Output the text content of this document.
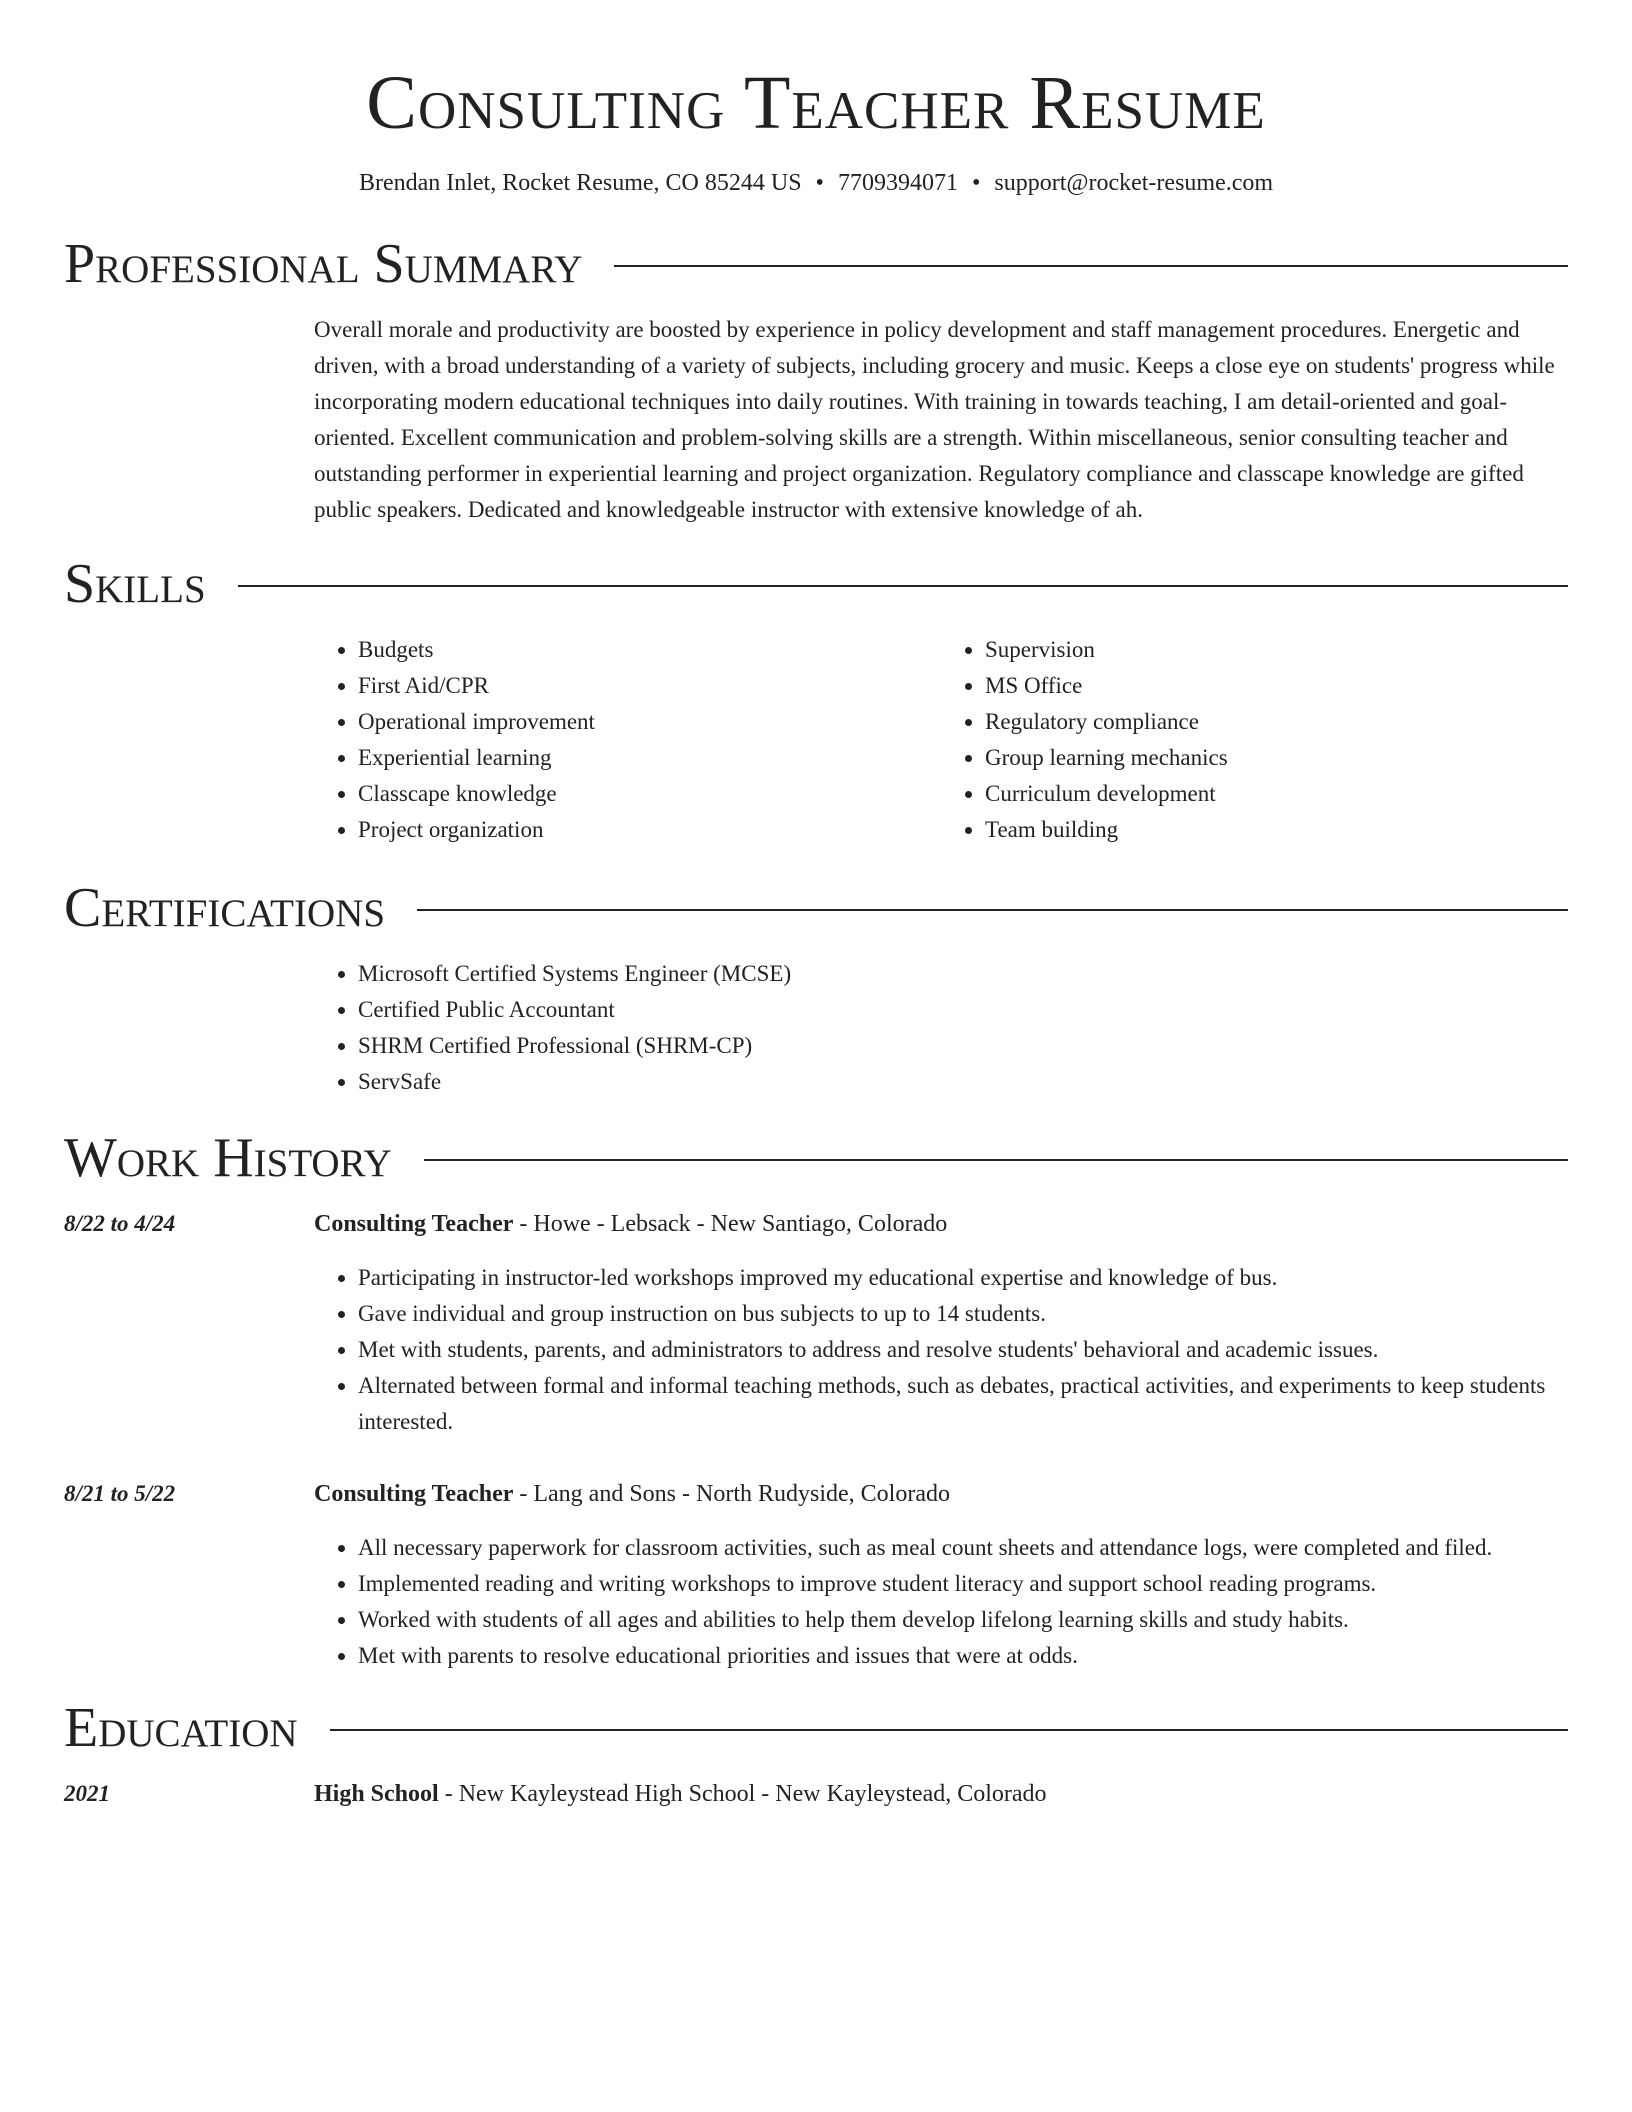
Consulting Teacher Resume
Brendan Inlet, Rocket Resume, CO 85244 US • 7709394071 • support@rocket-resume.com
Professional Summary

Overall morale and productivity are boosted by experience in policy development and staff management procedures. Energetic and driven, with a broad understanding of a variety of subjects, including grocery and music. Keeps a close eye on students' progress while incorporating modern educational techniques into daily routines. With training in towards teaching, I am detail-oriented and goal-oriented. Excellent communication and problem-solving skills are a strength. Within miscellaneous, senior consulting teacher and outstanding performer in experiential learning and project organization. Regulatory compliance and classcape knowledge are gifted public speakers. Dedicated and knowledgeable instructor with extensive knowledge of ah.

Skills
• Budgets
• First Aid/CPR
• Operational improvement
• Experiential learning
• Classcape knowledge
• Project organization
• Supervision
• MS Office
• Regulatory compliance
• Group learning mechanics
• Curriculum development
• Team building
Certifications
• Microsoft Certified Systems Engineer (MCSE)
• Certified Public Accountant
• SHRM Certified Professional (SHRM-CP)
• ServSafe
Work History
8/22 to 4/24	Consulting Teacher - Howe - Lebsack - New Santiago, Colorado
• Participating in instructor-led workshops improved my educational expertise and knowledge of bus.
• Gave individual and group instruction on bus subjects to up to 14 students.
• Met with students, parents, and administrators to address and resolve students' behavioral and academic issues.
• Alternated between formal and informal teaching methods, such as debates, practical activities, and experiments to keep students interested.
8/21 to 5/22	Consulting Teacher - Lang and Sons - North Rudyside, Colorado
• All necessary paperwork for classroom activities, such as meal count sheets and attendance logs, were completed and filed.
• Implemented reading and writing workshops to improve student literacy and support school reading programs.
• Worked with students of all ages and abilities to help them develop lifelong learning skills and study habits.
• Met with parents to resolve educational priorities and issues that were at odds.
Education
2021	High School - New Kayleystead High School - New Kayleystead, Colorado
